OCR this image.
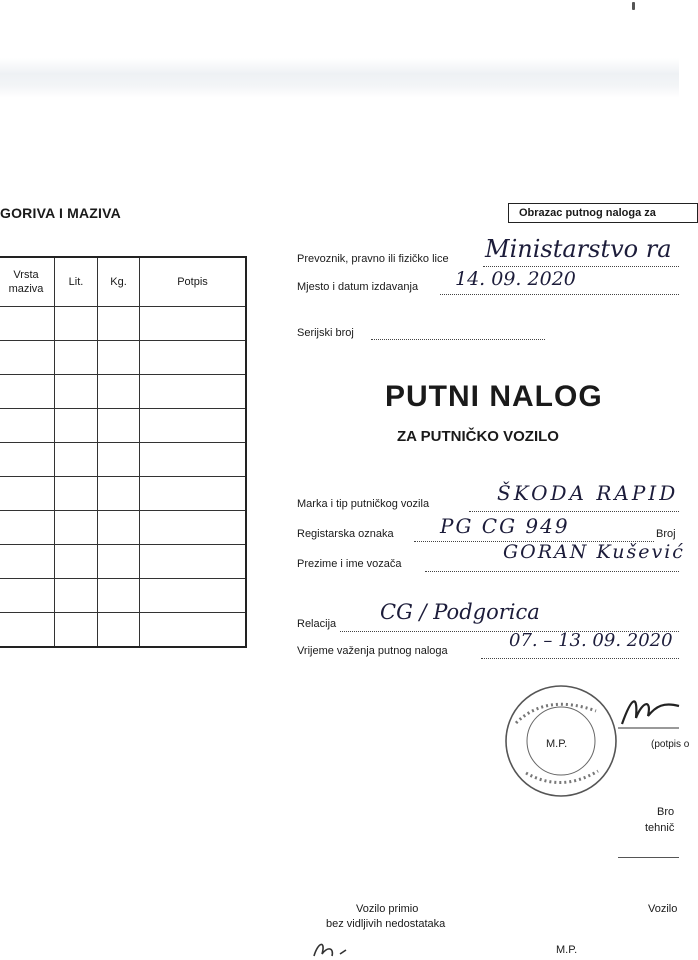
GORIVA I MAZIVA
Vrsta
maziva	Lit.	Kg.	Potpis

Obrazac putnog naloga za
Prevoznik, pravno ili fizičko lice Ministarstvo ra
Mjesto i datum izdavanja 14. 09. 2020
Serijski broj
PUTNI NALOG
ZA PUTNIČKO VOZILO
Marka i tip putničkog vozila	ŠKODA RAPID
Registarska oznaka PG CG 949	Broj
Prezime i ime vozača
GORAN Kušević
Relacija CG / Podgorica
Vrijeme važenja putnog naloga	07. – 13. 09. 2020
M.P.	(potpis o
Bro
tehnič
Vozilo primio
bez vidljivih nedostataka
Vozilo
M.P.
